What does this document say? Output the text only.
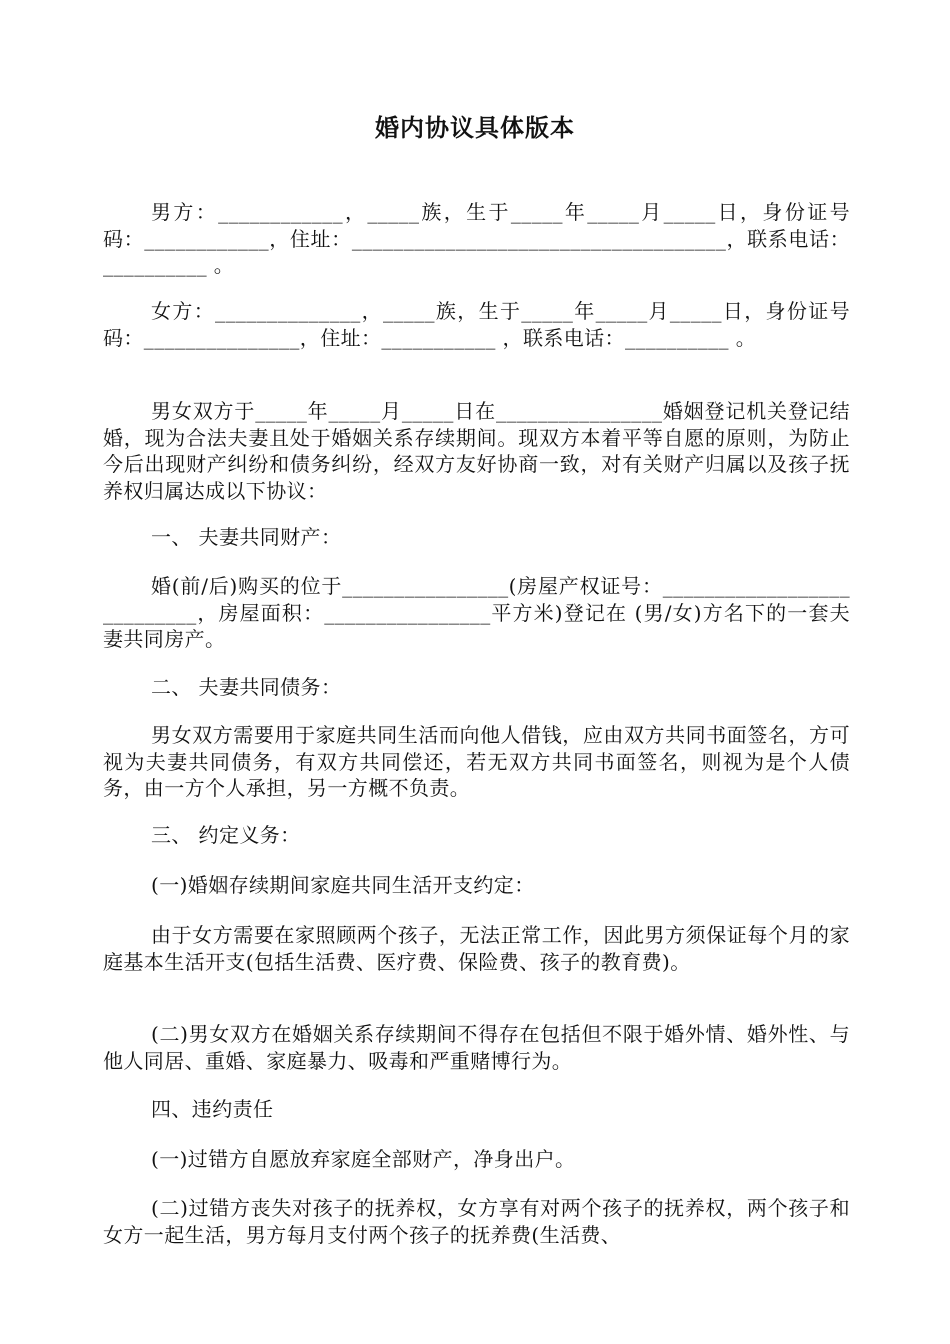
婚内协议具体版本

男方：____________，_____族，生于_____年_____月_____日，身份证号码：____________，住址：____________________________________，联系电话：__________ 。

女方：______________，_____族，生于_____年_____月_____日，身份证号码：_______________，住址：___________ ，联系电话：__________ 。

男女双方于_____年_____月_____日在________________婚姻登记机关登记结婚，现为合法夫妻且处于婚姻关系存续期间。现双方本着平等自愿的原则，为防止今后出现财产纠纷和债务纠纷，经双方友好协商一致，对有关财产归属以及孩子抚养权归属达成以下协议：

一、 夫妻共同财产：

婚(前/后)购买的位于________________(房屋产权证号：___________________________，房屋面积：________________平方米)登记在 (男/女)方名下的一套夫妻共同房产。

二、 夫妻共同债务：

男女双方需要用于家庭共同生活而向他人借钱，应由双方共同书面签名，方可视为夫妻共同债务，有双方共同偿还，若无双方共同书面签名，则视为是个人债务，由一方个人承担，另一方概不负责。

三、 约定义务：

(一)婚姻存续期间家庭共同生活开支约定：

由于女方需要在家照顾两个孩子，无法正常工作，因此男方须保证每个月的家庭基本生活开支(包括生活费、医疗费、保险费、孩子的教育费)。

(二)男女双方在婚姻关系存续期间不得存在包括但不限于婚外情、婚外性、与他人同居、重婚、家庭暴力、吸毒和严重赌博行为。

四、违约责任

(一)过错方自愿放弃家庭全部财产，净身出户。

(二)过错方丧失对孩子的抚养权，女方享有对两个孩子的抚养权，两个孩子和女方一起生活，男方每月支付两个孩子的抚养费(生活费、
